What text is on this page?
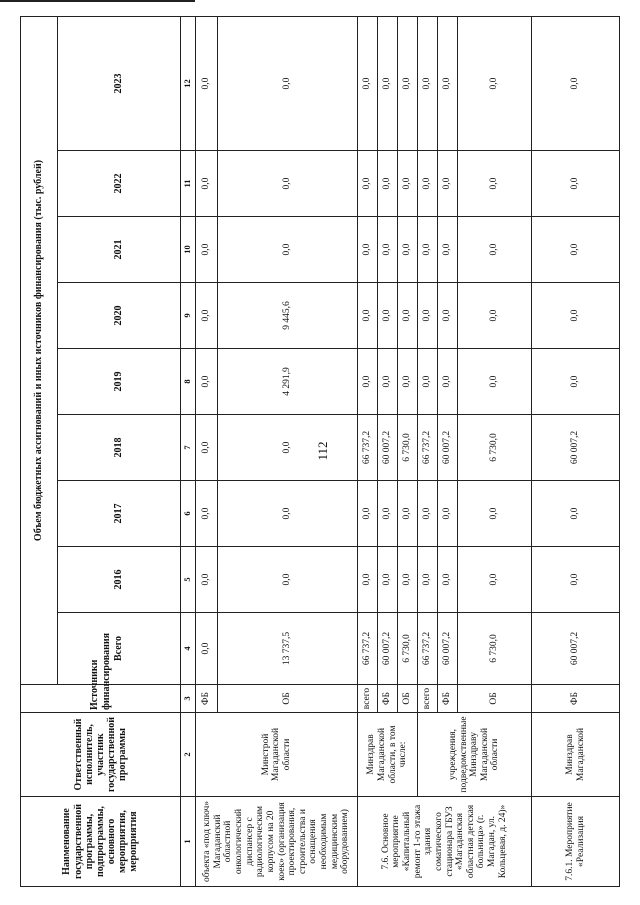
112
Наименование государственной программы, подпрограммы, основного мероприятия, мероприятия	Ответственный исполнитель, участник государственной программы	Источники финансирования	Объем бюджетных ассигнований и иных источников финансирования (тыс. рублей)								
			Всего	2016	2017	2018	2019	2020	2021	2022	2023
1	2	3	4	5	6	7	8	9	10	11	12
объекта «под ключ» Магаданский областной онкологический диспансер с радиологическим корпусом на 20 коек» (организация проектирования, строительства и оснащения необходимым медицинским оборудованием)	Минстрой Магаданской области	ФБ	0,0	0,0	0,0	0,0	0,0	0,0	0,0	0,0	0,0
		ОБ	13 737,5	0,0	0,0	0,0	4 291,9	9 445,6	0,0	0,0	0,0
7.6. Основное мероприятие «Капитальный ремонт 1-го этажа здания соматического стационара ГБУЗ «Магаданская областная детская больница» (г. Магадан, ул. Кольцевая, д. 24)»	Минздрав Магаданской области, в том числе:	всего	66 737,2	0,0	0,0	66 737,2	0,0	0,0	0,0	0,0	0,0
		ФБ	60 007,2	0,0	0,0	60 007,2	0,0	0,0	0,0	0,0	0,0
		ОБ	6 730,0	0,0	0,0	6 730,0	0,0	0,0	0,0	0,0	0,0
	учреждения, подведомственные Минздраву Магаданской области	всего	66 737,2	0,0	0,0	66 737,2	0,0	0,0	0,0	0,0	0,0
		ФБ	60 007,2	0,0	0,0	60 007,2	0,0	0,0	0,0	0,0	0,0
		ОБ	6 730,0	0,0	0,0	6 730,0	0,0	0,0	0,0	0,0	0,0
7.6.1. Мероприятие «Реализация	Минздрав Магаданской	ФБ	60 007,2	0,0	0,0	60 007,2	0,0	0,0	0,0	0,0	0,0
